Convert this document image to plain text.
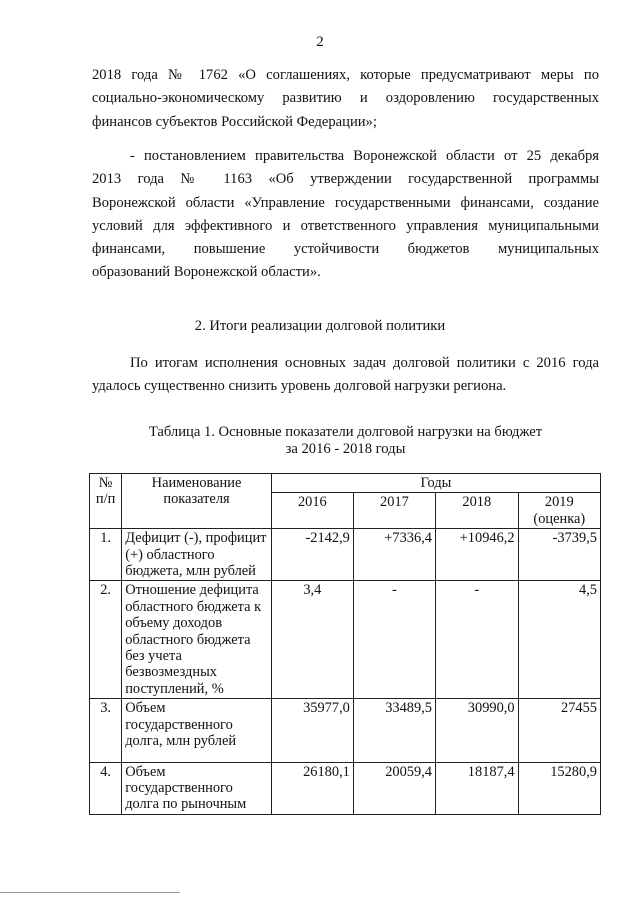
2
2018 года № 1762 «О соглашениях, которые предусматривают меры по
социально-экономическому развитию и оздоровлению государственных
финансов субъектов Российской Федерации»;
- постановлением правительства Воронежской области от 25 декабря
2013 года № 1163 «Об утверждении государственной программы
Воронежской области «Управление государственными финансами, создание
условий для эффективного и ответственного управления муниципальными
финансами, повышение устойчивости бюджетов муниципальных
образований Воронежской области».
2. Итоги реализации долговой политики
По итогам исполнения основных задач долговой политики с 2016 года
удалось существенно снизить уровень долговой нагрузки региона.
Таблица 1. Основные показатели долговой нагрузки на бюджет
за 2016 - 2018 годы
№ п/п	Наименование показателя	Годы			
		2016	2017	2018	2019 (оценка)
1.	Дефицит (-), профицит (+) областного бюджета, млн рублей	-2142,9	+7336,4	+10946,2	-3739,5
2.	Отношение дефицита областного бюджета к объему доходов областного бюджета без учета безвозмездных поступлений, %	3,4	-	-	4,5
3.	Объем государственного долга, млн рублей	35977,0	33489,5	30990,0	27455
4.	Объем государственного долга по рыночным	26180,1	20059,4	18187,4	15280,9
